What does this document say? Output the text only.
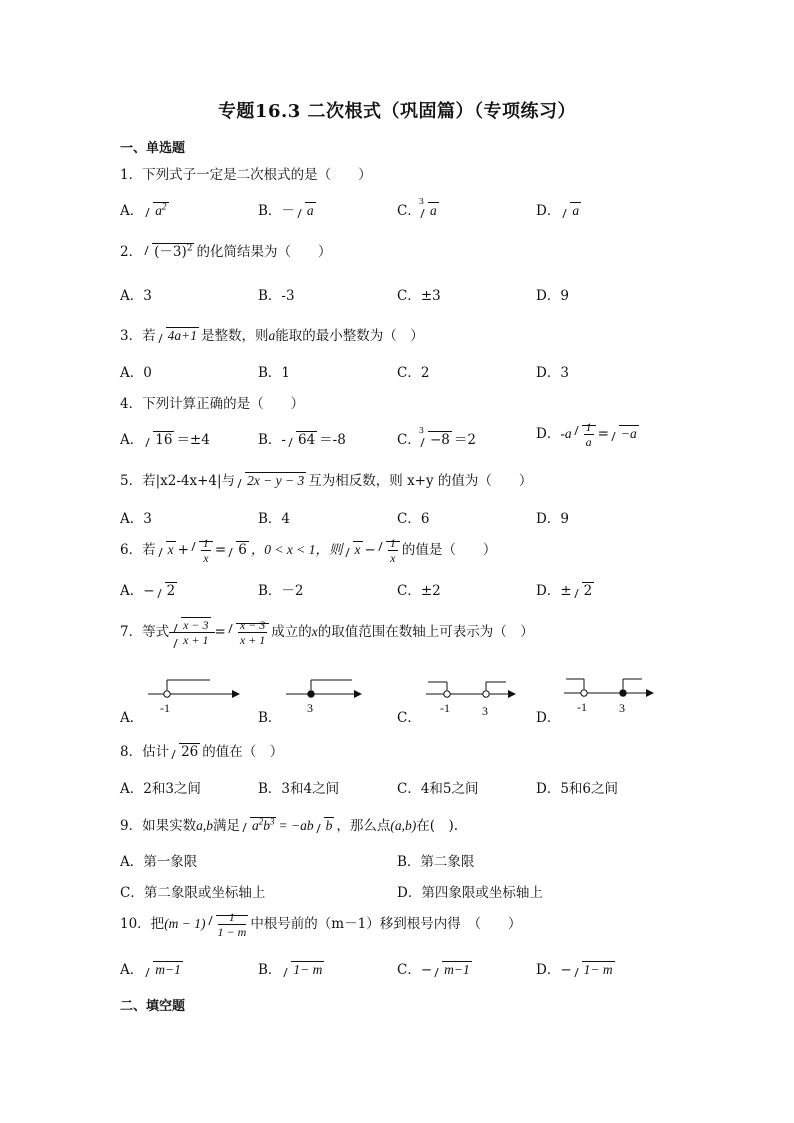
专题16.3 二次根式（巩固篇）（专项练习）
一、单选题
1．下列式子一定是二次根式的是（　　）
A． $a^2$	B．－ a	C．$^3$a	D． a
2． $(-3)^2$ 的化简结果为（　　）
A．3	B．-3	C．±3	D．9
3．若 4a+1 是整数，则a能取的最小整数为（　）
A．0	B．1	C．2	D．3
4．下列计算正确的是（　　）
A． 16 ＝±4	B．- 64 ＝-8	C．$^3$−8 ＝2	D．$-a \frac{1}{a} = -a$
5．若|x2-4x+4|与 2x − y − 3 互为相反数，则 x+y 的值为（　　）
A．3	B．4	C．6	D．9
6．若 $x + \frac{1}{x} = 6$ ，0 < x < 1，则 $x - \frac{1}{x}$ 的值是（　　）
A．− 2	B．－2	C．±2	D．± 2
7．等式 $\frac{x - 3}{x + 1} = \frac{x - 3}{x + 1}$ 成立的x的取值范围在数轴上可表示为（　）
A．
-1
B．
3
C．
-1	3	D．
-1	3
8．估计 26 的值在（　）
A．2和3之间	B．3和4之间	C．4和5之间	D．5和6之间
9．如果实数a,b满足 $a^2b^3 = -ab$ b ，那么点(a,b)在(　).
A．第一象限	B．第二象限
C．第二象限或坐标轴上	D．第四象限或坐标轴上
10．把$(m - 1) \frac{1}{1 - m}$ 中根号前的（m－1）移到根号内得　（　　）
A． m−1	B． 1− m	C．− m−1	D．− 1− m
二、填空题
